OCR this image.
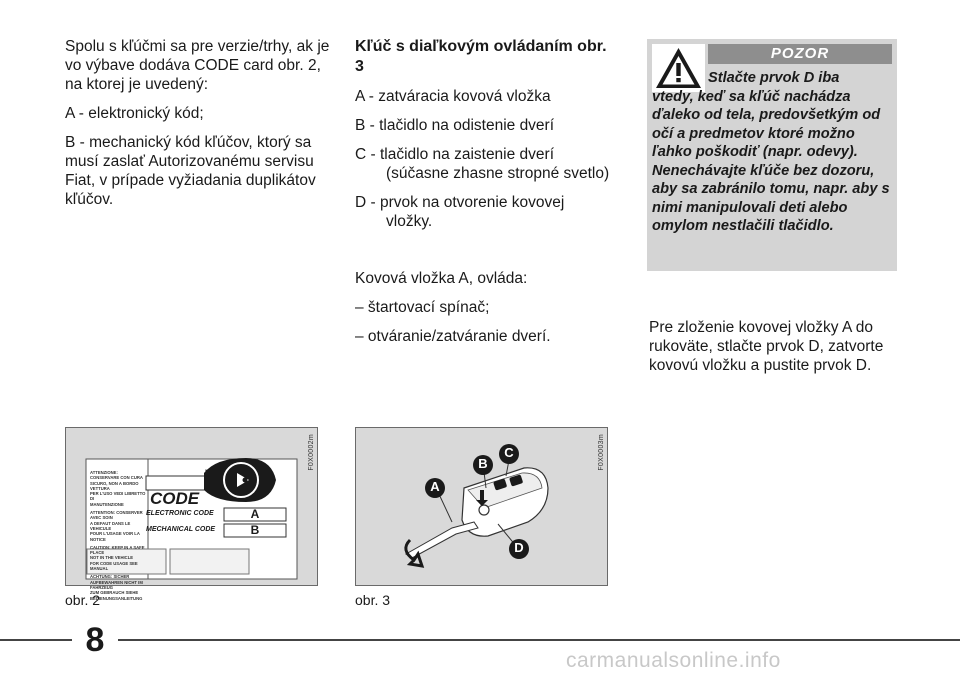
Spolu s kľúčmi sa pre verzie/trhy, ak je vo výbave dodáva CODE card obr. 2, na ktorej je uvedený:

A - elektronický kód;

B - mechanický kód kľúčov, ktorý sa musí zaslať Autorizovanému servisu Fiat, v prípade vyžiadania duplikátov kľúčov.

Kľúč s diaľkovým ovládaním obr. 3

A - zatváracia kovová vložka

B - tlačidlo na odistenie dverí

C - tlačidlo na zaistenie dverí
(súčasne zhasne stropné svetlo)

D - prvok na otvorenie kovovej
vložky.

Kovová vložka A, ovláda:

– štartovací spínač;

– otváranie/zatváranie dverí.

POZOR
Stlačte prvok D iba
vtedy, keď sa kľúč nachádza ďaleko od tela, predovšetkým od očí a predmetov ktoré možno ľahko poškodiť (napr. odevy). Nenechávajte kľúče bez dozoru, aby sa zabránilo tomu, napr. aby s nimi manipulovali deti alebo omylom nestlačili tlačidlo.

Pre zloženie kovovej vložky A do rukoväte, stlačte prvok D, zatvorte kovovú vložku a pustite prvok D.

F0X0002m
ATTENZIONE: CONSERVARE CON CURA
SICURO, NON A BORDO VETTURA
PER L'USO VEDI LIBRETTO DI
MANUTENZIONE
ATTENTION: CONSERVER AVEC SOIN
A DEFAUT DANS LE VEHICULE
POUR L'USAGE VOIR LA NOTICE
CAUTION: KEEP IN A SAFE PLACE
NOT IN THE VEHICLE
FOR CODE USAGE SEE MANUAL
ACHTUNG: SICHER
AUFBEWAHREN NICHT IM FAHRZEUG
ZUM GEBRAUCH SIEHE
BEDIENUNGSANLEITUNG
CODE
ELECTRONIC CODE
MECHANICAL CODE
A
B
obr. 2
F0X0003m
A
B
C
D
obr. 3
8
carmanualsonline.info
